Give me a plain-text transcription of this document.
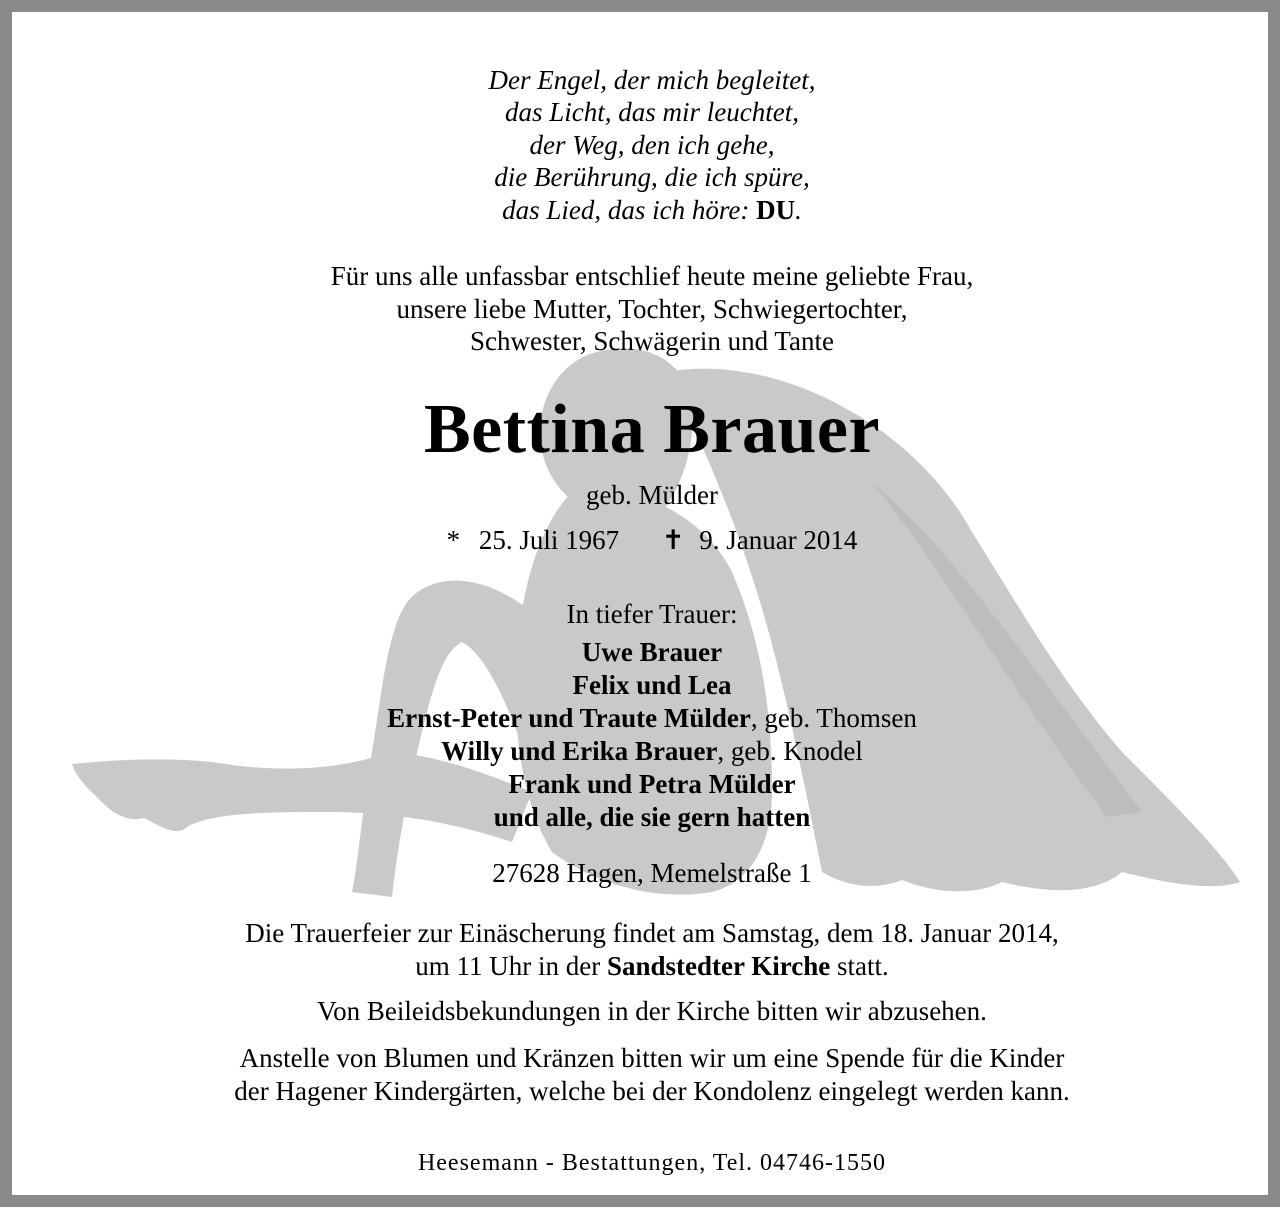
Der Engel, der mich begleitet,
das Licht, das mir leuchtet,
der Weg, den ich gehe,
die Berührung, die ich spüre,
das Lied, das ich höre: DU.
Für uns alle unfassbar entschlief heute meine geliebte Frau,
unsere liebe Mutter, Tochter, Schwiegertochter,
Schwester, Schwägerin und Tante
Bettina Brauer
geb. Mülder
* 25. Juli 1967 ✝ 9. Januar 2014
In tiefer Trauer:
Uwe Brauer
Felix und Lea
Ernst-Peter und Traute Mülder, geb. Thomsen
Willy und Erika Brauer, geb. Knodel
Frank und Petra Mülder
und alle, die sie gern hatten
27628 Hagen, Memelstraße 1
Die Trauerfeier zur Einäscherung findet am Samstag, dem 18. Januar 2014,
um 11 Uhr in der Sandstedter Kirche statt.
Von Beileidsbekundungen in der Kirche bitten wir abzusehen.
Anstelle von Blumen und Kränzen bitten wir um eine Spende für die Kinder
der Hagener Kindergärten, welche bei der Kondolenz eingelegt werden kann.
Heesemann - Bestattungen, Tel. 04746-1550
